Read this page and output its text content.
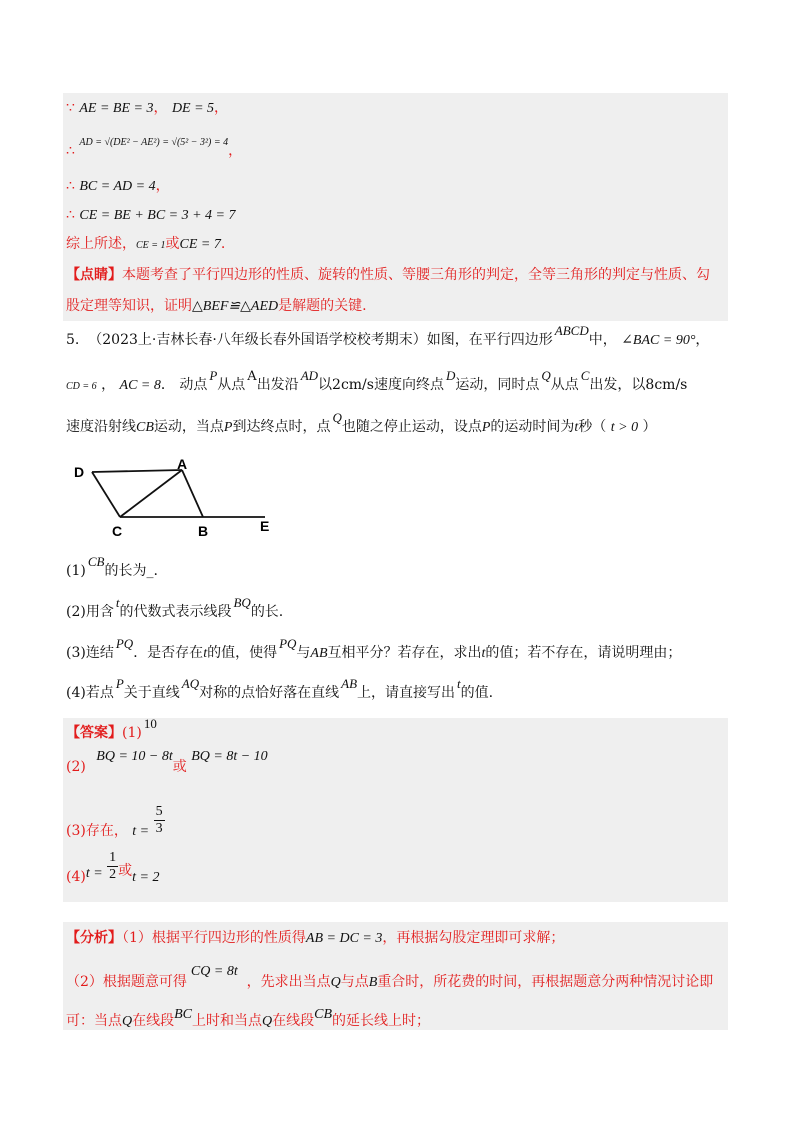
∵ AE = BE = 3， DE = 5，
∴ AD = √(DE² − AE²) = √(5² − 3²) = 4，
∴ BC = AD = 4，
∴ CE = BE + BC = 3 + 4 = 7
综上所述，CE = 1或CE = 7.
【点睛】本题考查了平行四边形的性质、旋转的性质、等腰三角形的判定，全等三角形的判定与性质、勾
股定理等知识，证明△BEF≌△AED是解题的关键.
5. （2023上·吉林长春·八年级长春外国语学校校考期末）如图，在平行四边形ABCD中， ∠BAC = 90°，
CD = 6 ， AC = 8． 动点P从点A出发沿AD以2cm/s速度向终点D运动，同时点Q从点C出发，以8cm/s
速度沿射线CB运动，当点P到达终点时，点Q也随之停止运动，设点P的运动时间为t秒（ t > 0 ）
D	A
C	B	E
(1)CB的长为_.
(2)用含t的代数式表示线段BQ的长.
(3)连结PQ．是否存在t的值，使得PQ与AB互相平分？若存在，求出t的值；若不存在，请说明理由；
(4)若点P关于直线AQ对称的点恰好落在直线AB上，请直接写出t的值.
【答案】(1)10
(2) BQ = 10 − 8t或 BQ = 8t − 10
(3)存在， $t = \frac{5}{3}$
$(4)t = \frac{1}{2}$ 或t = 2
【分析】（1）根据平行四边形的性质得AB = DC = 3，再根据勾股定理即可求解；
（2）根据题意可得CQ = 8t  ，先求出当点Q与点B重合时，所花费的时间，再根据题意分两种情况讨论即
可：当点Q在线段BC上时和当点Q在线段CB的延长线上时；
